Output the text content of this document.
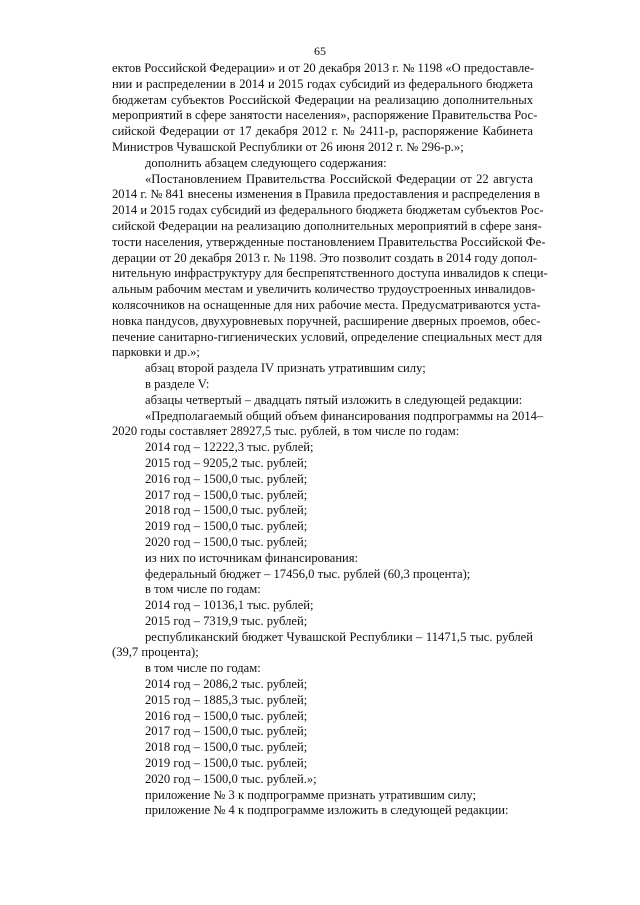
65
ектов Российской Федерации» и от 20 декабря 2013 г. № 1198 «О предоставле-
нии и распределении в 2014 и 2015 годах субсидий из федерального бюджета
бюджетам субъектов Российской Федерации на реализацию дополнительных
мероприятий в сфере занятости населения», распоряжение Правительства Рос-
сийской Федерации от 17 декабря 2012 г. № 2411-р, распоряжение Кабинета
Министров Чувашской Республики от 26 июня 2012 г. № 296-р.»;
дополнить абзацем следующего содержания:
«Постановлением Правительства Российской Федерации от 22 августа
2014 г. № 841 внесены изменения в Правила предоставления и распределения в
2014 и 2015 годах субсидий из федерального бюджета бюджетам субъектов Рос-
сийской Федерации на реализацию дополнительных мероприятий в сфере заня-
тости населения, утвержденные постановлением Правительства Российской Фе-
дерации от 20 декабря 2013 г. № 1198. Это позволит создать в 2014 году допол-
нительную инфраструктуру для беспрепятственного доступа инвалидов к специ-
альным рабочим местам и увеличить количество трудоустроенных инвалидов-
колясочников на оснащенные для них рабочие места. Предусматриваются уста-
новка пандусов, двухуровневых поручней, расширение дверных проемов, обес-
печение санитарно-гигиенических условий, определение специальных мест для
парковки и др.»;
абзац второй раздела IV признать утратившим силу;
в разделе V:
абзацы четвертый – двадцать пятый изложить в следующей редакции:
«Предполагаемый общий объем финансирования подпрограммы на 2014–
2020 годы составляет 28927,5 тыс. рублей, в том числе по годам:
2014 год – 12222,3 тыс. рублей;
2015 год – 9205,2 тыс. рублей;
2016 год – 1500,0 тыс. рублей;
2017 год – 1500,0 тыс. рублей;
2018 год – 1500,0 тыс. рублей;
2019 год – 1500,0 тыс. рублей;
2020 год – 1500,0 тыс. рублей;
из них по источникам финансирования:
федеральный бюджет – 17456,0 тыс. рублей (60,3 процента);
в том числе по годам:
2014 год – 10136,1 тыс. рублей;
2015 год – 7319,9 тыс. рублей;
республиканский бюджет Чувашской Республики – 11471,5 тыс. рублей
(39,7 процента);
в том числе по годам:
2014 год – 2086,2 тыс. рублей;
2015 год – 1885,3 тыс. рублей;
2016 год – 1500,0 тыс. рублей;
2017 год – 1500,0 тыс. рублей;
2018 год – 1500,0 тыс. рублей;
2019 год – 1500,0 тыс. рублей;
2020 год – 1500,0 тыс. рублей.»;
приложение № 3 к подпрограмме признать утратившим силу;
приложение № 4 к подпрограмме изложить в следующей редакции:
